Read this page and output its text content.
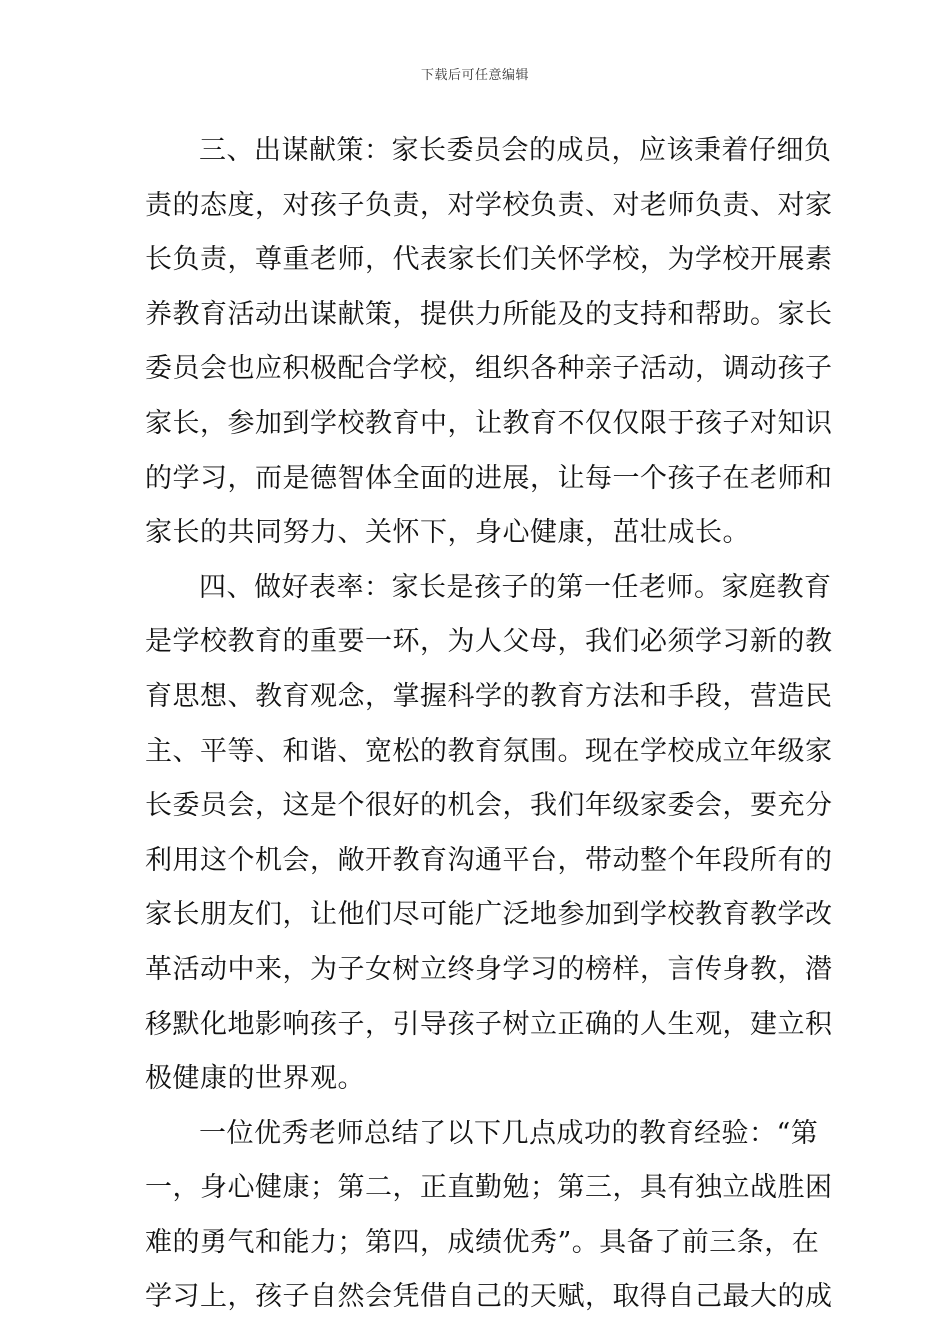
下载后可任意编辑
三、出谋献策：家长委员会的成员，应该秉着仔细负
责的态度，对孩子负责，对学校负责、对老师负责、对家
长负责，尊重老师，代表家长们关怀学校，为学校开展素
养教育活动出谋献策，提供力所能及的支持和帮助。家长
委员会也应积极配合学校，组织各种亲子活动，调动孩子
家长，参加到学校教育中，让教育不仅仅限于孩子对知识
的学习，而是德智体全面的进展，让每一个孩子在老师和
家长的共同努力、关怀下，身心健康，茁壮成长。
四、做好表率：家长是孩子的第一任老师。家庭教育
是学校教育的重要一环，为人父母，我们必须学习新的教
育思想、教育观念，掌握科学的教育方法和手段，营造民
主、平等、和谐、宽松的教育氛围。现在学校成立年级家
长委员会，这是个很好的机会，我们年级家委会，要充分
利用这个机会，敞开教育沟通平台，带动整个年段所有的
家长朋友们，让他们尽可能广泛地参加到学校教育教学改
革活动中来，为子女树立终身学习的榜样，言传身教，潜
移默化地影响孩子，引导孩子树立正确的人生观，建立积
极健康的世界观。
一位优秀老师总结了以下几点成功的教育经验：“第
一，身心健康；第二，正直勤勉；第三，具有独立战胜困
难的勇气和能力；第四，成绩优秀”。具备了前三条，在
学习上，孩子自然会凭借自己的天赋，取得自己最大的成
